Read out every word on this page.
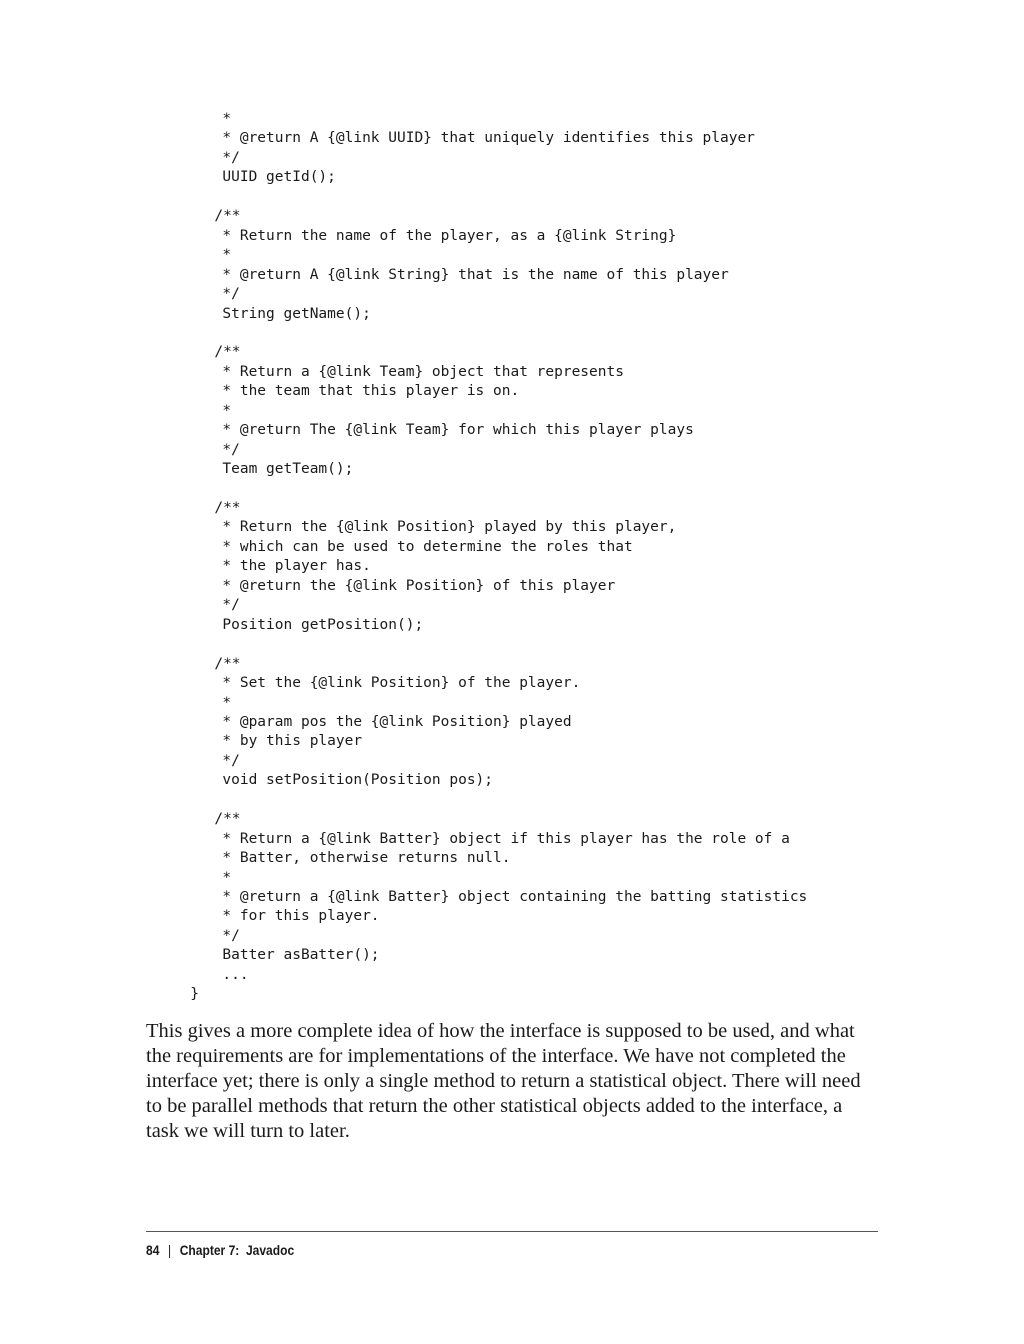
*
* @return A {@link UUID} that uniquely identifies this player
*/
UUID getId();
/**
* Return the name of the player, as a {@link String}
*
* @return A {@link String} that is the name of this player
*/
String getName();
/**
* Return a {@link Team} object that represents
* the team that this player is on.
*
* @return The {@link Team} for which this player plays
*/
Team getTeam();
/**
* Return the {@link Position} played by this player,
* which can be used to determine the roles that
* the player has.
* @return the {@link Position} of this player
*/
Position getPosition();
/**
* Set the {@link Position} of the player.
*
* @param pos the {@link Position} played
* by this player
*/
void setPosition(Position pos);
/**
* Return a {@link Batter} object if this player has the role of a
* Batter, otherwise returns null.
*
* @return a {@link Batter} object containing the batting statistics
* for this player.
*/
Batter asBatter();
...
}

This gives a more complete idea of how the interface is supposed to be used, and what the requirements are for implementations of the interface. We have not completed the interface yet; there is only a single method to return a statistical object. There will need to be parallel methods that return the other statistical objects added to the interface, a task we will turn to later.

84 | Chapter 7:  Javadoc
